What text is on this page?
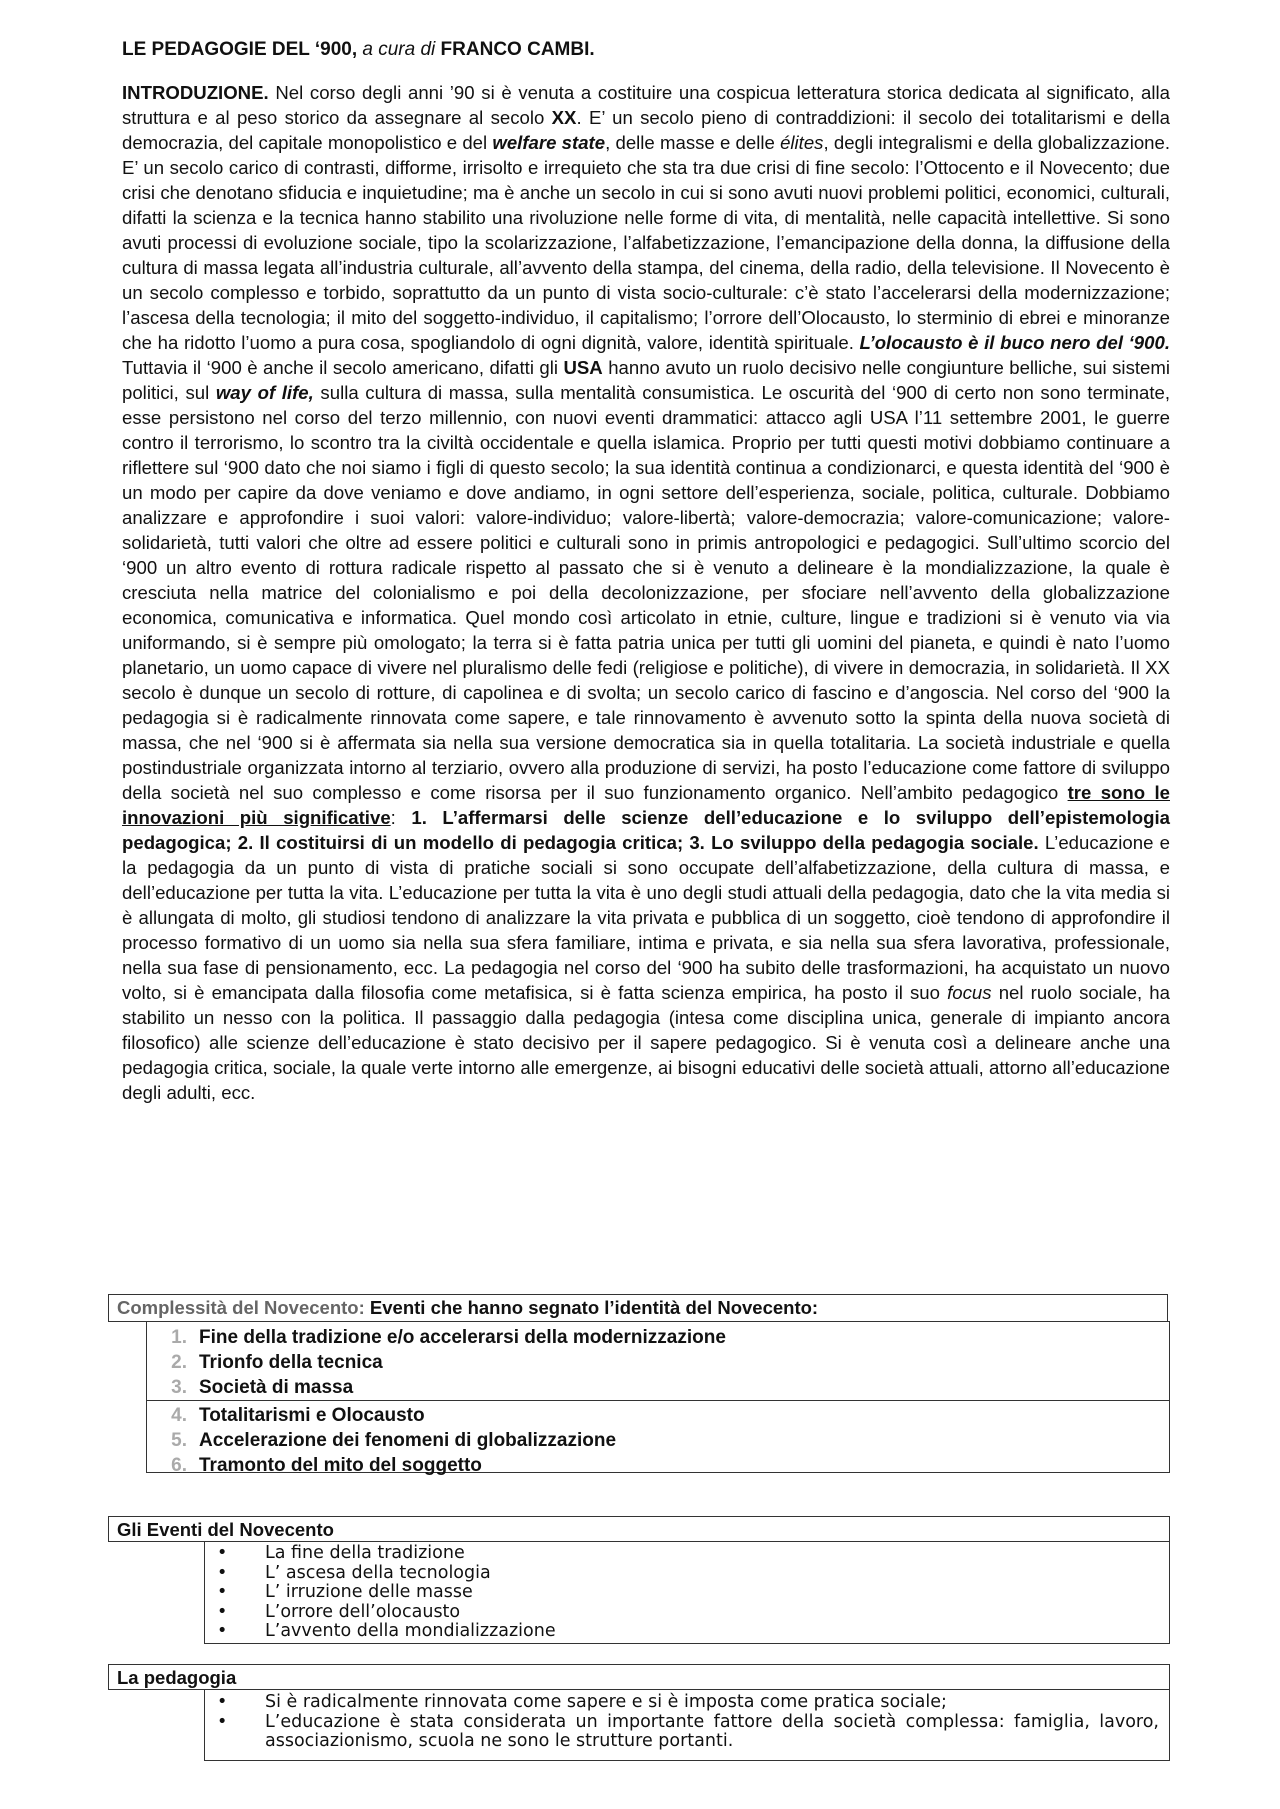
LE PEDAGOGIE DEL ‘900, a cura di FRANCO CAMBI.

INTRODUZIONE. Nel corso degli anni ’90 si è venuta a costituire una cospicua letteratura storica dedicata al significato, alla struttura e al peso storico da assegnare al secolo XX. E’ un secolo pieno di contraddizioni: il secolo dei totalitarismi e della democrazia, del capitale monopolistico e del welfare state, delle masse e delle élites, degli integralismi e della globalizzazione. E’ un secolo carico di contrasti, difforme, irrisolto e irrequieto che sta tra due crisi di fine secolo: l’Ottocento e il Novecento; due crisi che denotano sfiducia e inquietudine; ma è anche un secolo in cui si sono avuti nuovi problemi politici, economici, culturali, difatti la scienza e la tecnica hanno stabilito una rivoluzione nelle forme di vita, di mentalità, nelle capacità intellettive. Si sono avuti processi di evoluzione sociale, tipo la scolarizzazione, l’alfabetizzazione, l’emancipazione della donna, la diffusione della cultura di massa legata all’industria culturale, all’avvento della stampa, del cinema, della radio, della televisione. Il Novecento è un secolo complesso e torbido, soprattutto da un punto di vista socio-culturale: c’è stato l’accelerarsi della modernizzazione; l’ascesa della tecnologia; il mito del soggetto-individuo, il capitalismo; l’orrore dell’Olocausto, lo sterminio di ebrei e minoranze che ha ridotto l’uomo a pura cosa, spogliandolo di ogni dignità, valore, identità spirituale. L’olocausto è il buco nero del ‘900. Tuttavia il ‘900 è anche il secolo americano, difatti gli USA hanno avuto un ruolo decisivo nelle congiunture belliche, sui sistemi politici, sul way of life, sulla cultura di massa, sulla mentalità consumistica. Le oscurità del ‘900 di certo non sono terminate, esse persistono nel corso del terzo millennio, con nuovi eventi drammatici: attacco agli USA l’11 settembre 2001, le guerre contro il terrorismo, lo scontro tra la civiltà occidentale e quella islamica. Proprio per tutti questi motivi dobbiamo continuare a riflettere sul ‘900 dato che noi siamo i figli di questo secolo; la sua identità continua a condizionarci, e questa identità del ‘900 è un modo per capire da dove veniamo e dove andiamo, in ogni settore dell’esperienza, sociale, politica, culturale. Dobbiamo analizzare e approfondire i suoi valori: valore-individuo; valore-libertà; valore-democrazia; valore-comunicazione; valore-solidarietà, tutti valori che oltre ad essere politici e culturali sono in primis antropologici e pedagogici. Sull’ultimo scorcio del ‘900 un altro evento di rottura radicale rispetto al passato che si è venuto a delineare è la mondializzazione, la quale è cresciuta nella matrice del colonialismo e poi della decolonizzazione, per sfociare nell’avvento della globalizzazione economica, comunicativa e informatica. Quel mondo così articolato in etnie, culture, lingue e tradizioni si è venuto via via uniformando, si è sempre più omologato; la terra si è fatta patria unica per tutti gli uomini del pianeta, e quindi è nato l’uomo planetario, un uomo capace di vivere nel pluralismo delle fedi (religiose e politiche), di vivere in democrazia, in solidarietà. Il XX secolo è dunque un secolo di rotture, di capolinea e di svolta; un secolo carico di fascino e d’angoscia. Nel corso del ‘900 la pedagogia si è radicalmente rinnovata come sapere, e tale rinnovamento è avvenuto sotto la spinta della nuova società di massa, che nel ‘900 si è affermata sia nella sua versione democratica sia in quella totalitaria. La società industriale e quella postindustriale organizzata intorno al terziario, ovvero alla produzione di servizi, ha posto l’educazione come fattore di sviluppo della società nel suo complesso e come risorsa per il suo funzionamento organico. Nell’ambito pedagogico tre sono le innovazioni più significative: 1. L’affermarsi delle scienze dell’educazione e lo sviluppo dell’epistemologia pedagogica; 2. Il costituirsi di un modello di pedagogia critica; 3. Lo sviluppo della pedagogia sociale. L’educazione e la pedagogia da un punto di vista di pratiche sociali si sono occupate dell’alfabetizzazione, della cultura di massa, e dell’educazione per tutta la vita. L’educazione per tutta la vita è uno degli studi attuali della pedagogia, dato che la vita media si è allungata di molto, gli studiosi tendono di analizzare la vita privata e pubblica di un soggetto, cioè tendono di approfondire il processo formativo di un uomo sia nella sua sfera familiare, intima e privata, e sia nella sua sfera lavorativa, professionale, nella sua fase di pensionamento, ecc. La pedagogia nel corso del ‘900 ha subito delle trasformazioni, ha acquistato un nuovo volto, si è emancipata dalla filosofia come metafisica, si è fatta scienza empirica, ha posto il suo focus nel ruolo sociale, ha stabilito un nesso con la politica. Il passaggio dalla pedagogia (intesa come disciplina unica, generale di impianto ancora filosofico) alle scienze dell’educazione è stato decisivo per il sapere pedagogico. Si è venuta così a delineare anche una pedagogia critica, sociale, la quale verte intorno alle emergenze, ai bisogni educativi delle società attuali, attorno all’educazione degli adulti, ecc.

Complessità del Novecento: Eventi che hanno segnato l’identità del Novecento:
1. Fine della tradizione e/o accelerarsi della modernizzazione
2. Trionfo della tecnica
3. Società di massa
4. Totalitarismi e Olocausto
5. Accelerazione dei fenomeni di globalizzazione
6. Tramonto del mito del soggetto
Gli Eventi del Novecento
•	La fine della tradizione
•	L’ ascesa della tecnologia
•	L’ irruzione delle masse
•	L’orrore dell’olocausto
•	L’avvento della mondializzazione
La pedagogia
•	Si è radicalmente rinnovata come sapere e si è imposta come pratica sociale;
•	L’educazione è stata considerata un importante fattore della società complessa: famiglia, lavoro, associazionismo, scuola ne sono le strutture portanti.
